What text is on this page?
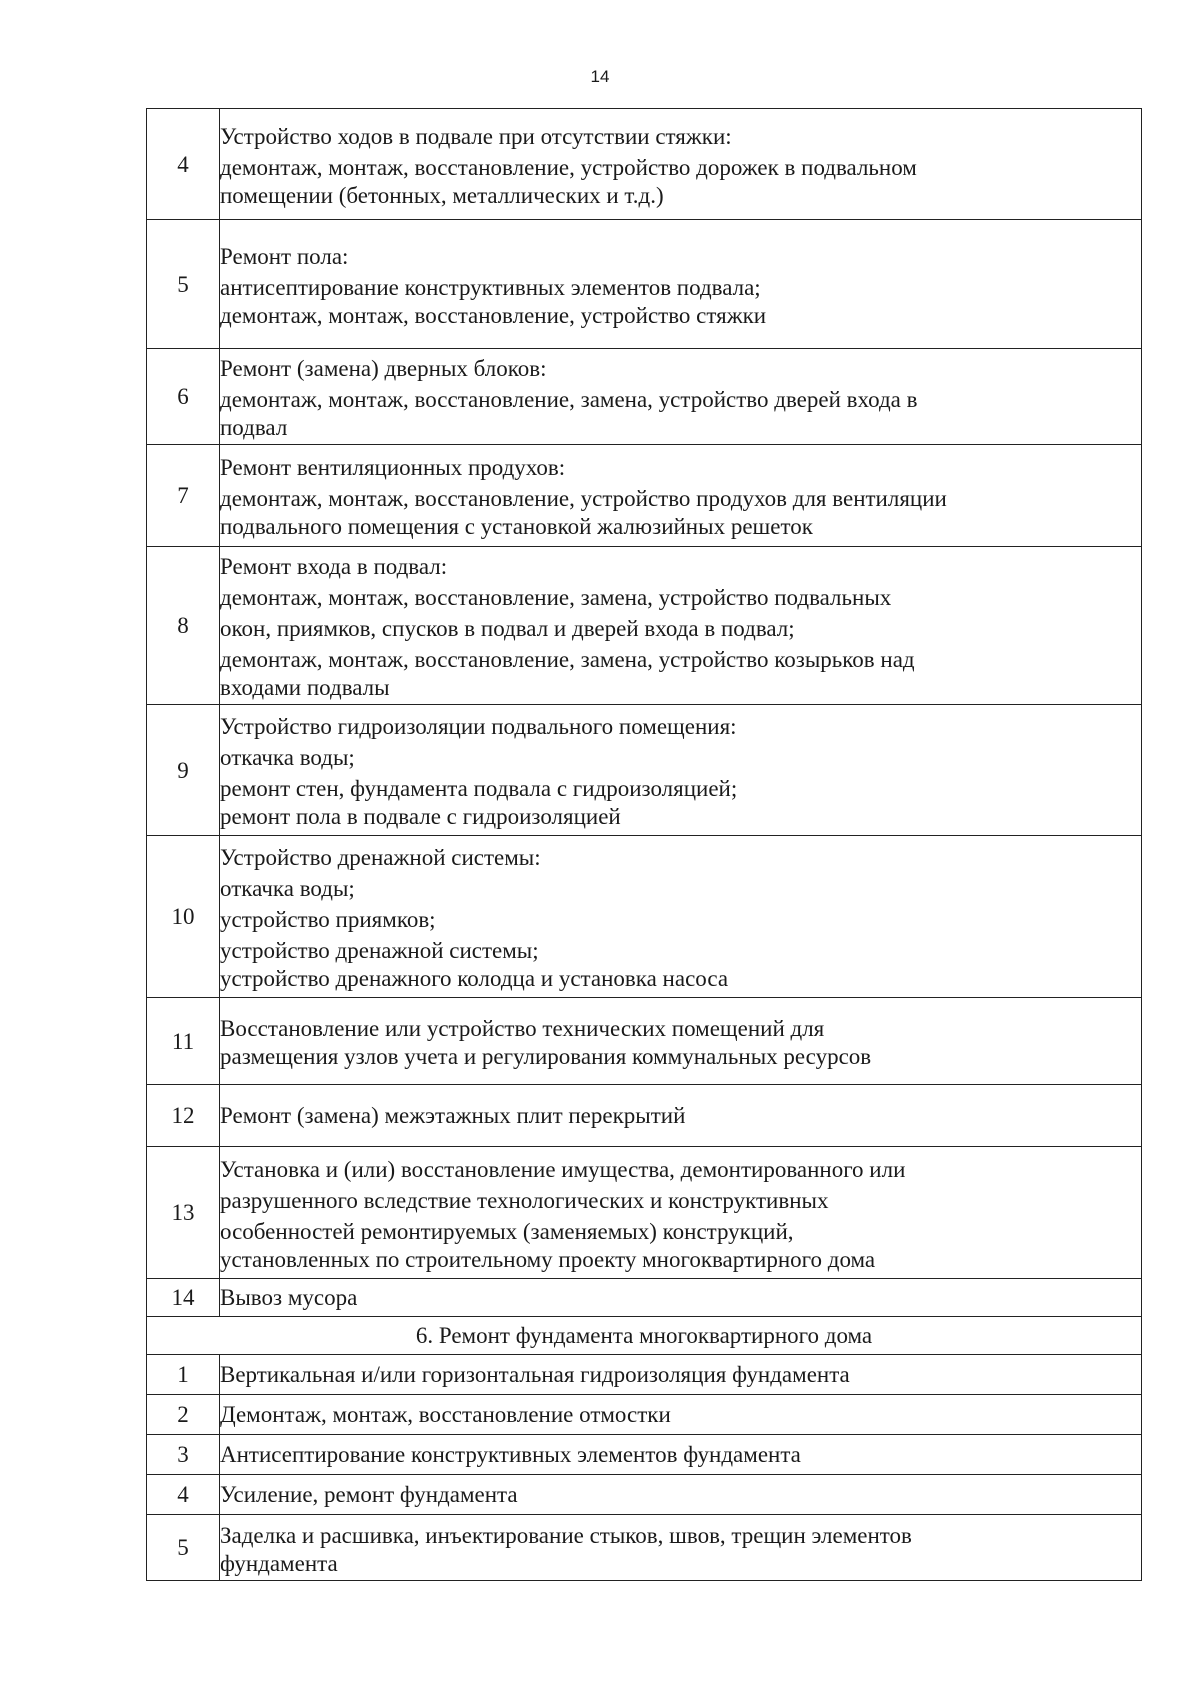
14
4	Устройство ходов в подвале при отсутствии стяжки:
демонтаж, монтаж, восстановление, устройство дорожек в подвальном
помещении (бетонных, металлических и т.д.)

5	Ремонт пола:
антисептирование конструктивных элементов подвала;
демонтаж, монтаж, восстановление, устройство стяжки

6	Ремонт (замена) дверных блоков:
демонтаж, монтаж, восстановление, замена, устройство дверей входа в
подвал

7	Ремонт вентиляционных продухов:
демонтаж, монтаж, восстановление, устройство продухов для вентиляции
подвального помещения с установкой жалюзийных решеток

8	Ремонт входа в подвал:
демонтаж, монтаж, восстановление, замена, устройство подвальных
окон, приямков, спусков в подвал и дверей входа в подвал;
демонтаж, монтаж, восстановление, замена, устройство козырьков над
входами подвалы

9	Устройство гидроизоляции подвального помещения:
откачка воды;
ремонт стен, фундамента подвала с гидроизоляцией;
ремонт пола в подвале с гидроизоляцией

10	Устройство дренажной системы:
откачка воды;
устройство приямков;
устройство дренажной системы;
устройство дренажного колодца и установка насоса

11	Восстановление или устройство технических помещений для
размещения узлов учета и регулирования коммунальных ресурсов

12	Ремонт (замена) межэтажных плит перекрытий

13	Установка и (или) восстановление имущества, демонтированного или
разрушенного вследствие технологических и конструктивных
особенностей ремонтируемых (заменяемых) конструкций,
установленных по строительному проекту многоквартирного дома

14	Вывоз мусора

6. Ремонт фундамента многоквартирного дома	
1	Вертикальная и/или горизонтальная гидроизоляция фундамента

2	Демонтаж, монтаж, восстановление отмостки

3	Антисептирование конструктивных элементов фундамента

4	Усиление, ремонт фундамента

5	Заделка и расшивка, инъектирование стыков, швов, трещин элементов
фундамента
